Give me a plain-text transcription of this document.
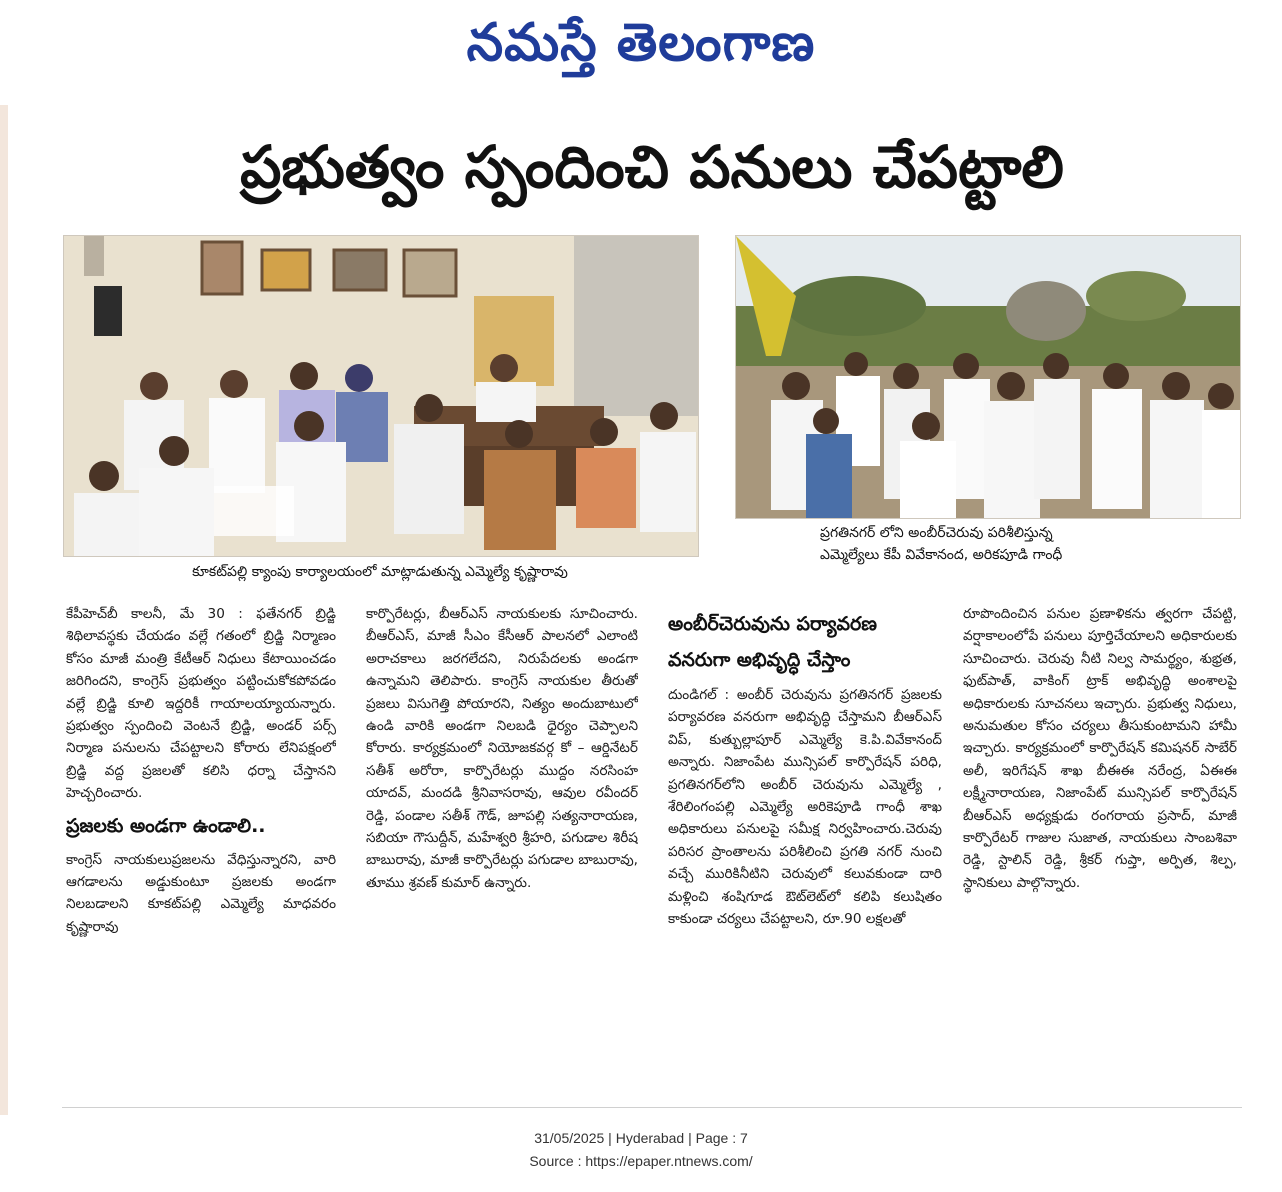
నమస్తే తెలంగాణ
ప్రభుత్వం స్పందించి పనులు చేపట్టాలి
కూకట్‌పల్లి క్యాంపు కార్యాలయంలో మాట్లాడుతున్న ఎమ్మెల్యే కృష్ణారావు
ప్రగతినగర్ లోని అంబీర్‌చెరువు పరిశీలిస్తున్న
ఎమ్మెల్యేలు కేపీ వివేకానంద, అరికపూడి గాంధీ

కేపీహెచ్‌బీ కాలనీ, మే 30 : ఫతేనగర్ బ్రిడ్జి శిథిలావస్థకు చేయడం వల్లే గతంలో బ్రిడ్జి నిర్మాణం కోసం మాజీ మంత్రి కేటీఆర్ నిధులు కేటాయించడం జరిగిందని, కాంగ్రెస్ ప్రభుత్వం పట్టించుకోకపోవడం వల్లే బ్రిడ్జి కూలి ఇద్దరికీ గాయాలయ్యాయన్నారు. ప్రభుత్వం స్పందించి వెంటనే బ్రిడ్జి, అండర్ పర్స్ నిర్మాణ పనులను చేపట్టాలని కోరారు లేనిపక్షంలో బ్రిడ్జి వద్ద ప్రజలతో కలిసి ధర్నా చేస్తానని హెచ్చరించారు.

ప్రజలకు అండగా ఉండాలి..

కాంగ్రెస్ నాయకులుప్రజలను వేధిస్తున్నారని, వారి ఆగడాలను అడ్డుకుంటూ ప్రజలకు అండగా నిలబడాలని కూకట్‌పల్లి ఎమ్మెల్యే మాధవరం కృష్ణారావు

కార్పొరేటర్లు, బీఆర్‌ఎస్ నాయకులకు సూచించారు. బీఆర్‌ఎస్, మాజీ సీఎం కేసీఆర్ పాలనలో ఎలాంటి అరాచకాలు జరగలేదని, నిరుపేదలకు అండగా ఉన్నామని తెలిపారు. కాంగ్రెస్ నాయకుల తీరుతో ప్రజలు విసుగెత్తి పోయారని, నిత్యం అందుబాటులో ఉండి వారికి అండగా నిలబడి ధైర్యం చెప్పాలని కోరారు. కార్యక్రమంలో నియోజకవర్గ కో – ఆర్డినేటర్ సతీశ్ అరోరా, కార్పొరేటర్లు ముద్దం నరసింహ యాదవ్, మందడి శ్రీనివాసరావు, ఆవుల రవీందర్ రెడ్డి, పండాల సతీశ్ గౌడ్, జూపల్లి సత్యనారాయణ, సబియా గౌసుద్దీన్, మహేశ్వరి శ్రీహరి, పగుడాల శిరీష బాబురావు, మాజీ కార్పొరేటర్లు పగుడాల బాబురావు, తూము శ్రవణ్ కుమార్ ఉన్నారు.

అంబీర్‌చెరువును పర్యావరణ
వనరుగా అభివృద్ధి చేస్తాం

దుండిగల్ : అంబీర్ చెరువును ప్రగతినగర్ ప్రజలకు పర్యావరణ వనరుగా అభివృద్ధి చేస్తామని బీఆర్‌ఎస్ విప్, కుత్బుల్లాపూర్ ఎమ్మెల్యే కె.పి.వివేకానంద్ అన్నారు. నిజాంపేట మున్సిపల్ కార్పొరేషన్ పరిధి, ప్రగతినగర్‌లోని అంబీర్ చెరువును ఎమ్మెల్యే , శేరిలింగంపల్లి ఎమ్మెల్యే అరికెపూడి గాంధీ శాఖ అధికారులు పనులపై సమీక్ష నిర్వహించారు.చెరువు పరిసర ప్రాంతాలను పరిశీలించి ప్రగతి నగర్ నుంచి వచ్చే మురికినీటిని చెరువులో కలువకుండా దారి మళ్లించి శంషిగూడ ఔట్‌లెట్‌లో కలిపి కలుషితం కాకుండా చర్యలు చేపట్టాలని, రూ.90 లక్షలతో

రూపొందించిన పనుల ప్రణాళికను త్వరగా చేపట్టి, వర్షాకాలంలోపే పనులు పూర్తిచేయాలని అధికారులకు సూచించారు. చెరువు నీటి నిల్వ సామర్థ్యం, శుభ్రత, ఫుట్‌పాత్, వాకింగ్ ట్రాక్ అభివృద్ధి అంశాలపై అధికారులకు సూచనలు ఇచ్చారు. ప్రభుత్వ నిధులు, అనుమతుల కోసం చర్యలు తీసుకుంటామని హామీ ఇచ్చారు. కార్యక్రమంలో కార్పొరేషన్ కమిషనర్ సాబేర్ అలీ, ఇరిగేషన్ శాఖ బీఈఈ నరేంద్ర, ఏఈఈ లక్ష్మీనారాయణ, నిజాంపేట్ మున్సిపల్ కార్పొరేషన్ బీఆర్‌ఎస్ అధ్యక్షుడు రంగరాయ ప్రసాద్, మాజీ కార్పొరేటర్ గాజుల సుజాత, నాయకులు సాంబశివా రెడ్డి, స్టాలిన్ రెడ్డి, శ్రీకర్ గుప్తా, అర్పిత, శిల్ప, స్థానికులు పాల్గొన్నారు.

31/05/2025 | Hyderabad | Page : 7
Source : https://epaper.ntnews.com/
